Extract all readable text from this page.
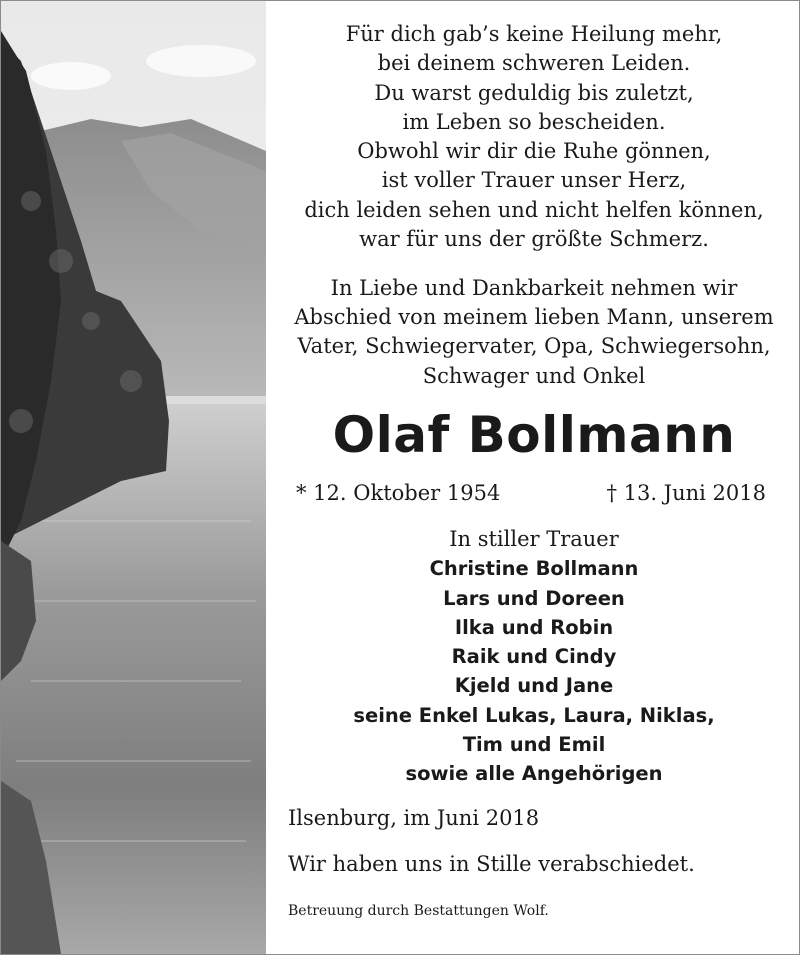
Für dich gab’s keine Heilung mehr,
bei deinem schweren Leiden.
Du warst geduldig bis zuletzt,
im Leben so bescheiden.
Obwohl wir dir die Ruhe gönnen,
ist voller Trauer unser Herz,
dich leiden sehen und nicht helfen können,
war für uns der größte Schmerz.
In Liebe und Dankbarkeit nehmen wir
Abschied von meinem lieben Mann, unserem
Vater, Schwiegervater, Opa, Schwiegersohn,
Schwager und Onkel
Olaf Bollmann
* 12. Oktober 1954	† 13. Juni 2018
In stiller Trauer
Christine Bollmann
Lars und Doreen
Ilka und Robin
Raik und Cindy
Kjeld und Jane
seine Enkel Lukas, Laura, Niklas,
Tim und Emil
sowie alle Angehörigen
Ilsenburg, im Juni 2018
Wir haben uns in Stille verabschiedet.
Betreuung durch Bestattungen Wolf.
